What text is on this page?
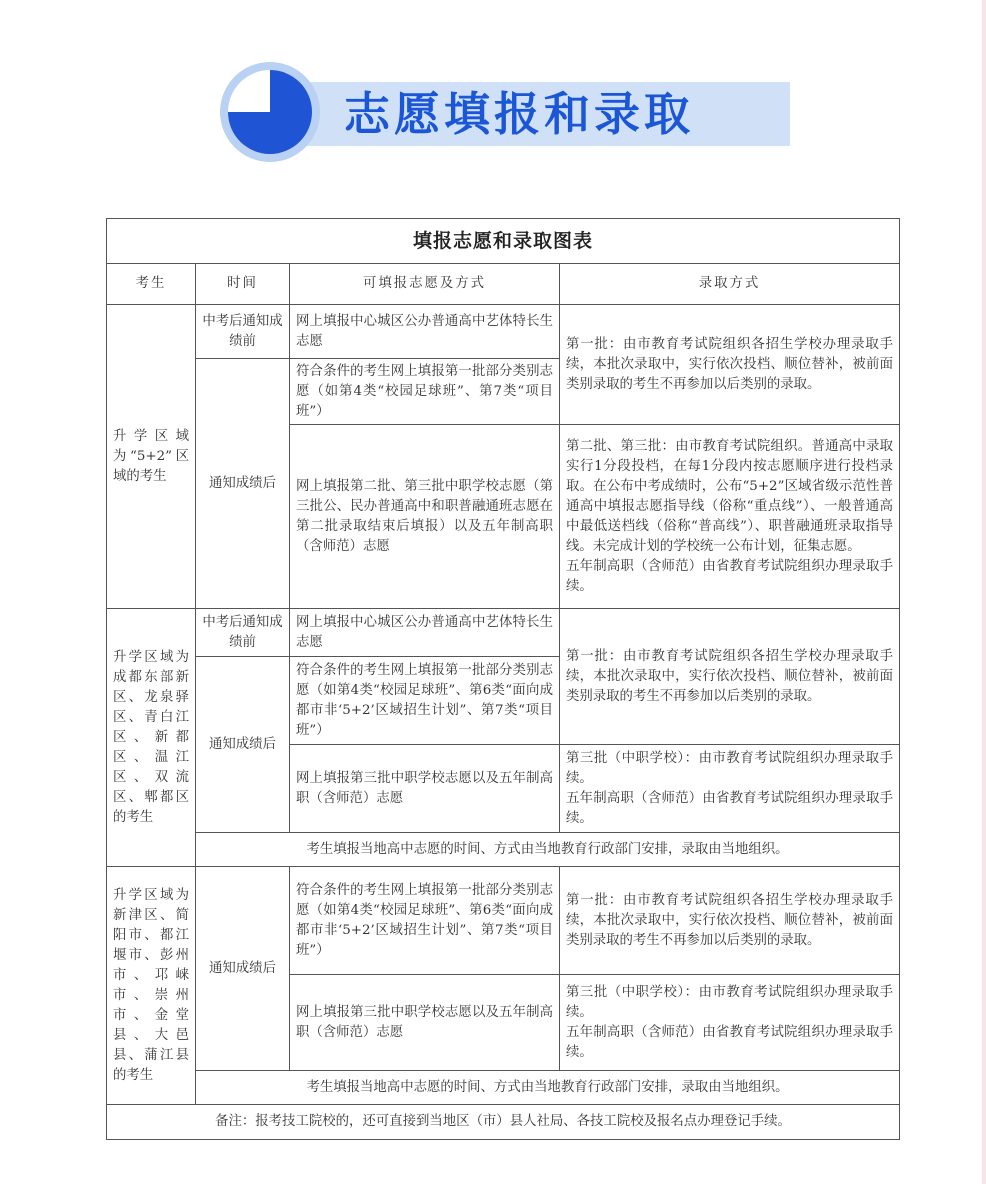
志愿填报和录取
填报志愿和录取图表			
考生	时间	可填报志愿及方式	录取方式
升学区域为“5+2”区域的考生	中考后通知成绩前	网上填报中心城区公办普通高中艺体特长生志愿	第一批：由市教育考试院组织各招生学校办理录取手续，本批次录取中，实行依次投档、顺位替补，被前面类别录取的考生不再参加以后类别的录取。
	通知成绩后	符合条件的考生网上填报第一批部分类别志愿（如第4类“校园足球班”、第7类“项目班”）	
		网上填报第二批、第三批中职学校志愿（第三批公、民办普通高中和职普融通班志愿在第二批录取结束后填报）以及五年制高职（含师范）志愿	第二批、第三批：由市教育考试院组织。普通高中录取实行1分段投档，在每1分段内按志愿顺序进行投档录取。在公布中考成绩时，公布“5+2”区域省级示范性普通高中填报志愿指导线（俗称“重点线”）、一般普通高中最低送档线（俗称“普高线”）、职普融通班录取指导线。未完成计划的学校统一公布计划，征集志愿。
五年制高职（含师范）由省教育考试院组织办理录取手续。

升学区域为成都东部新区、龙泉驿区、青白江区、新都区、温江区、双流区、郫都区的考生	中考后通知成绩前	网上填报中心城区公办普通高中艺体特长生志愿	第一批：由市教育考试院组织各招生学校办理录取手续，本批次录取中，实行依次投档、顺位替补，被前面类别录取的考生不再参加以后类别的录取。
	通知成绩后	符合条件的考生网上填报第一批部分类别志愿（如第4类“校园足球班”、第6类“面向成都市非‘5+2’区域招生计划”、第7类“项目班”）	
		网上填报第三批中职学校志愿以及五年制高职（含师范）志愿	第三批（中职学校）：由市教育考试院组织办理录取手续。
五年制高职（含师范）由省教育考试院组织办理录取手续。

	考生填报当地高中志愿的时间、方式由当地教育行政部门安排，录取由当地组织。		
升学区域为新津区、简阳市、都江堰市、彭州市、邛崃市、崇州市、金堂县、大邑县、蒲江县的考生	通知成绩后	符合条件的考生网上填报第一批部分类别志愿（如第4类“校园足球班”、第6类“面向成都市非‘5+2’区域招生计划”、第7类“项目班”）	第一批：由市教育考试院组织各招生学校办理录取手续，本批次录取中，实行依次投档、顺位替补，被前面类别录取的考生不再参加以后类别的录取。
		网上填报第三批中职学校志愿以及五年制高职（含师范）志愿	第三批（中职学校）：由市教育考试院组织办理录取手续。
五年制高职（含师范）由省教育考试院组织办理录取手续。

	考生填报当地高中志愿的时间、方式由当地教育行政部门安排，录取由当地组织。		
备注：报考技工院校的，还可直接到当地区（市）县人社局、各技工院校及报名点办理登记手续。			
